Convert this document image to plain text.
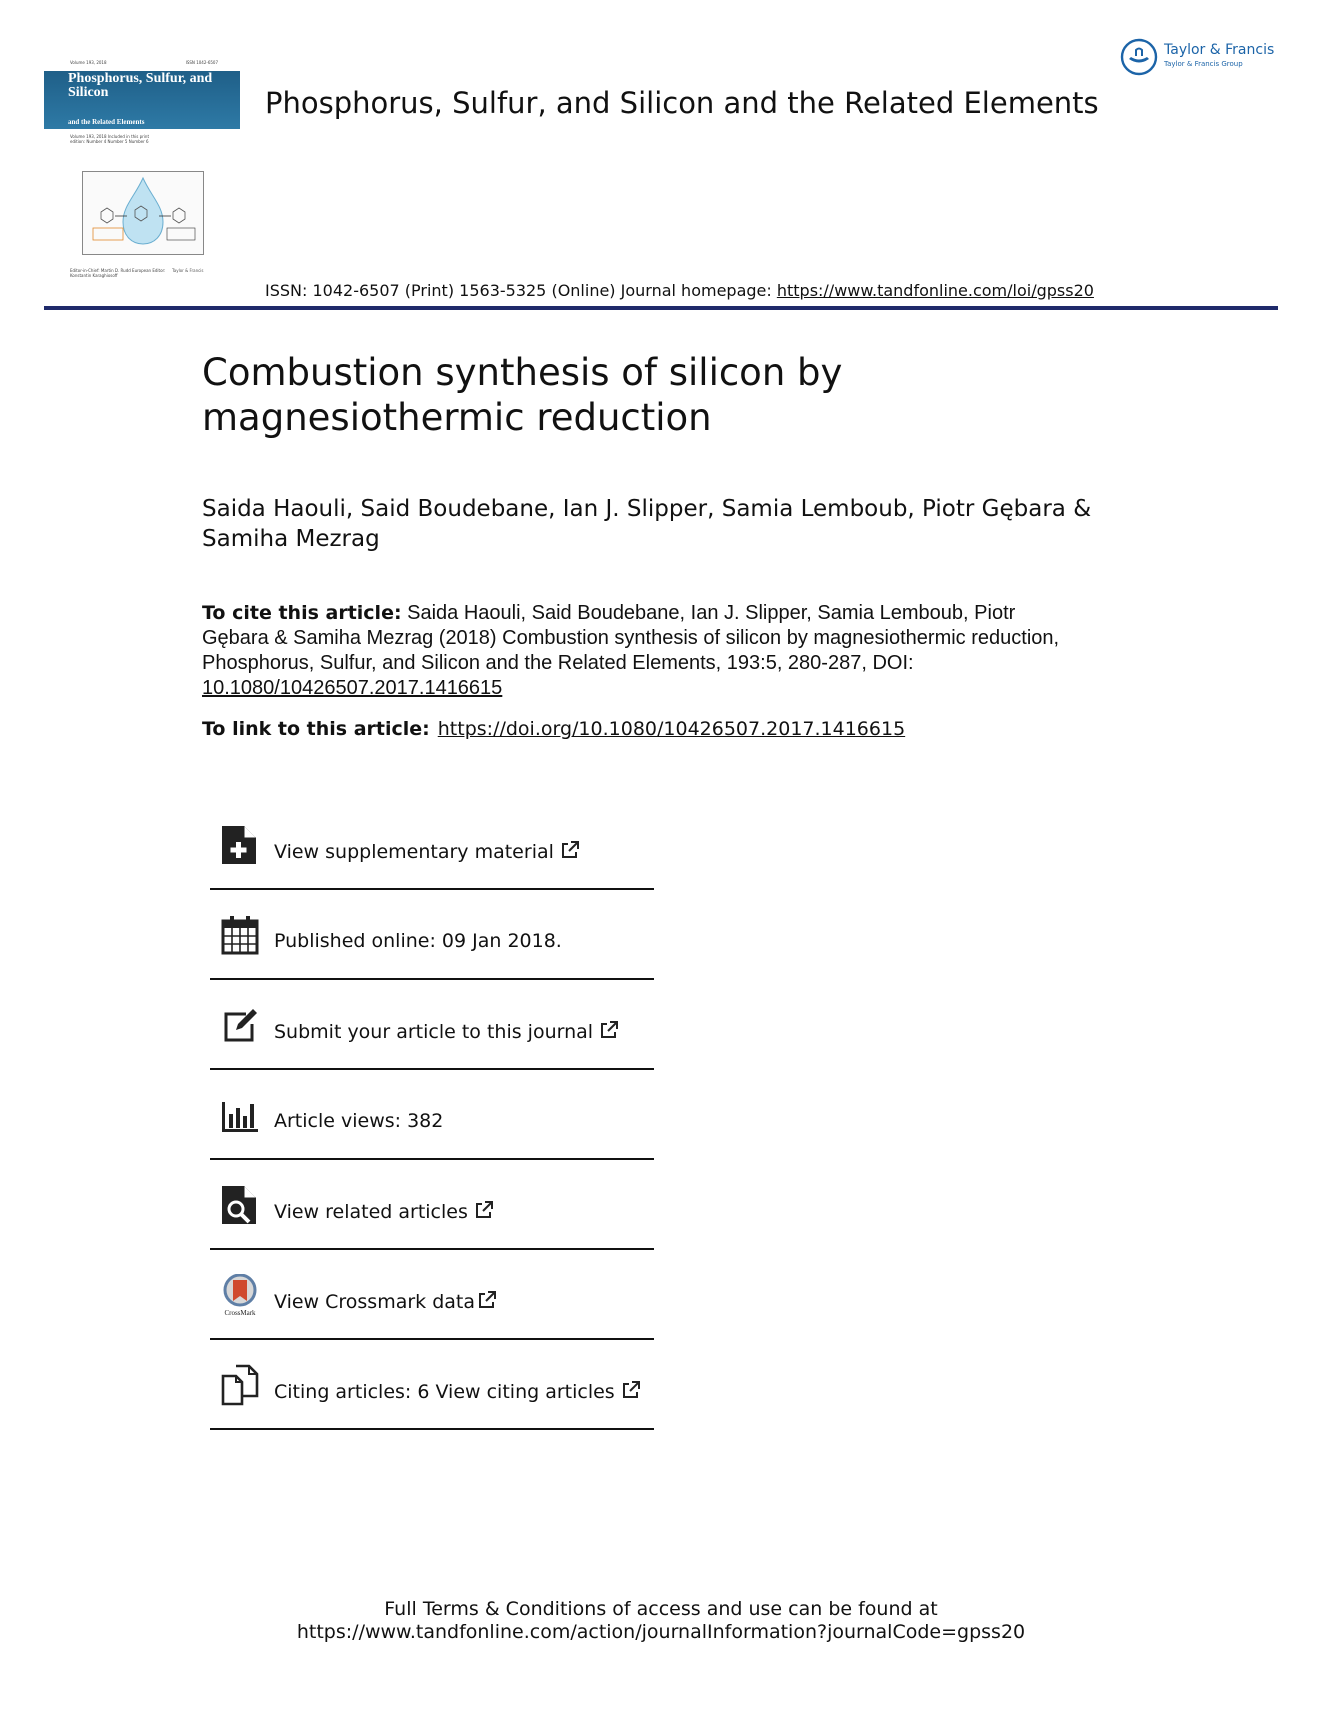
Volume 193, 2018	ISSN 1042-6507
Phosphorus, Sulfur, and Silicon
and the Related Elements
Volume 193, 2018 Included in this print edition: Number 4 Number 5 Number 6
Editor-in-Chief: Martin D. Rudd European Editor: Konstantin Karaghiosoff
Taylor & Francis
Phosphorus, Sulfur, and Silicon and the Related Elements
Taylor & Francis
Taylor & Francis Group
ISSN: 1042-6507 (Print) 1563-5325 (Online) Journal homepage: https://www.tandfonline.com/loi/gpss20
Combustion synthesis of silicon by magnesiothermic reduction
Saida Haouli, Said Boudebane, Ian J. Slipper, Samia Lemboub, Piotr Gębara & Samiha Mezrag
To cite this article: Saida Haouli, Said Boudebane, Ian J. Slipper, Samia Lemboub, Piotr Gębara & Samiha Mezrag (2018) Combustion synthesis of silicon by magnesiothermic reduction, Phosphorus, Sulfur, and Silicon and the Related Elements, 193:5, 280-287, DOI: 10.1080/10426507.2017.1416615
To link to this article: https://doi.org/10.1080/10426507.2017.1416615
View supplementary material
Published online: 09 Jan 2018.
Submit your article to this journal
Article views: 382
View related articles
CrossMark View Crossmark data
Citing articles: 6 View citing articles
Full Terms & Conditions of access and use can be found at
https://www.tandfonline.com/action/journalInformation?journalCode=gpss20
